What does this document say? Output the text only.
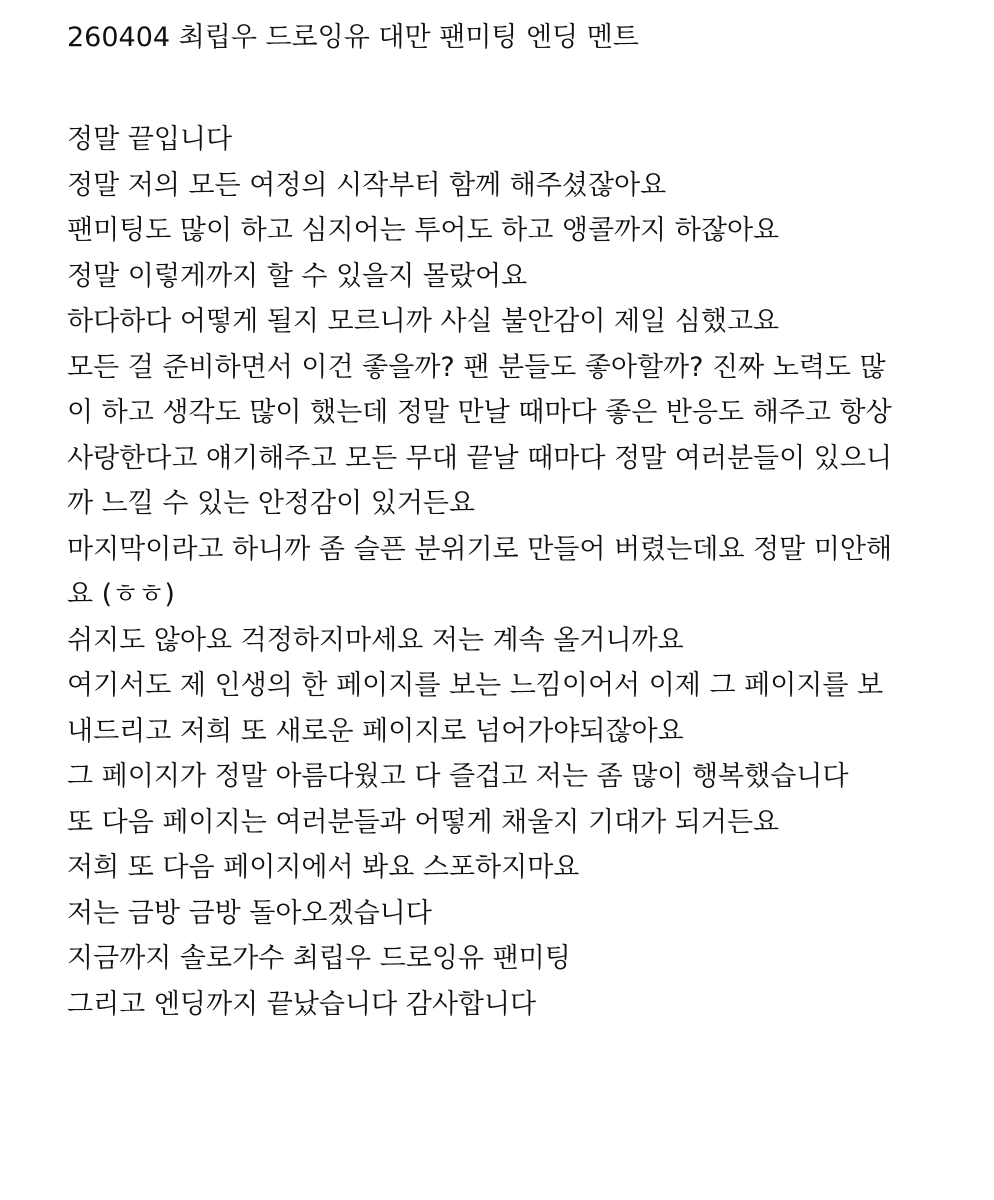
260404 최립우 드로잉유 대만 팬미팅 엔딩 멘트
정말 끝입니다
정말 저의 모든 여정의 시작부터 함께 해주셨잖아요
팬미팅도 많이 하고 심지어는 투어도 하고 앵콜까지 하잖아요
정말 이렇게까지 할 수 있을지 몰랐어요
하다하다 어떻게 될지 모르니까 사실 불안감이 제일 심했고요
모든 걸 준비하면서 이건 좋을까? 팬 분들도 좋아할까? 진짜 노력도 많
이 하고 생각도 많이 했는데 정말 만날 때마다 좋은 반응도 해주고 항상
사랑한다고 얘기해주고 모든 무대 끝날 때마다 정말 여러분들이 있으니
까 느낄 수 있는 안정감이 있거든요
마지막이라고 하니까 좀 슬픈 분위기로 만들어 버렸는데요 정말 미안해
요 (ㅎㅎ)
쉬지도 않아요 걱정하지마세요 저는 계속 올거니까요
여기서도 제 인생의 한 페이지를 보는 느낌이어서 이제 그 페이지를 보
내드리고 저희 또 새로운 페이지로 넘어가야되잖아요
그 페이지가 정말 아름다웠고 다 즐겁고 저는 좀 많이 행복했습니다
또 다음 페이지는 여러분들과 어떻게 채울지 기대가 되거든요
저희 또 다음 페이지에서 봐요 스포하지마요
저는 금방 금방 돌아오겠습니다
지금까지 솔로가수 최립우 드로잉유 팬미팅
그리고 엔딩까지 끝났습니다 감사합니다
